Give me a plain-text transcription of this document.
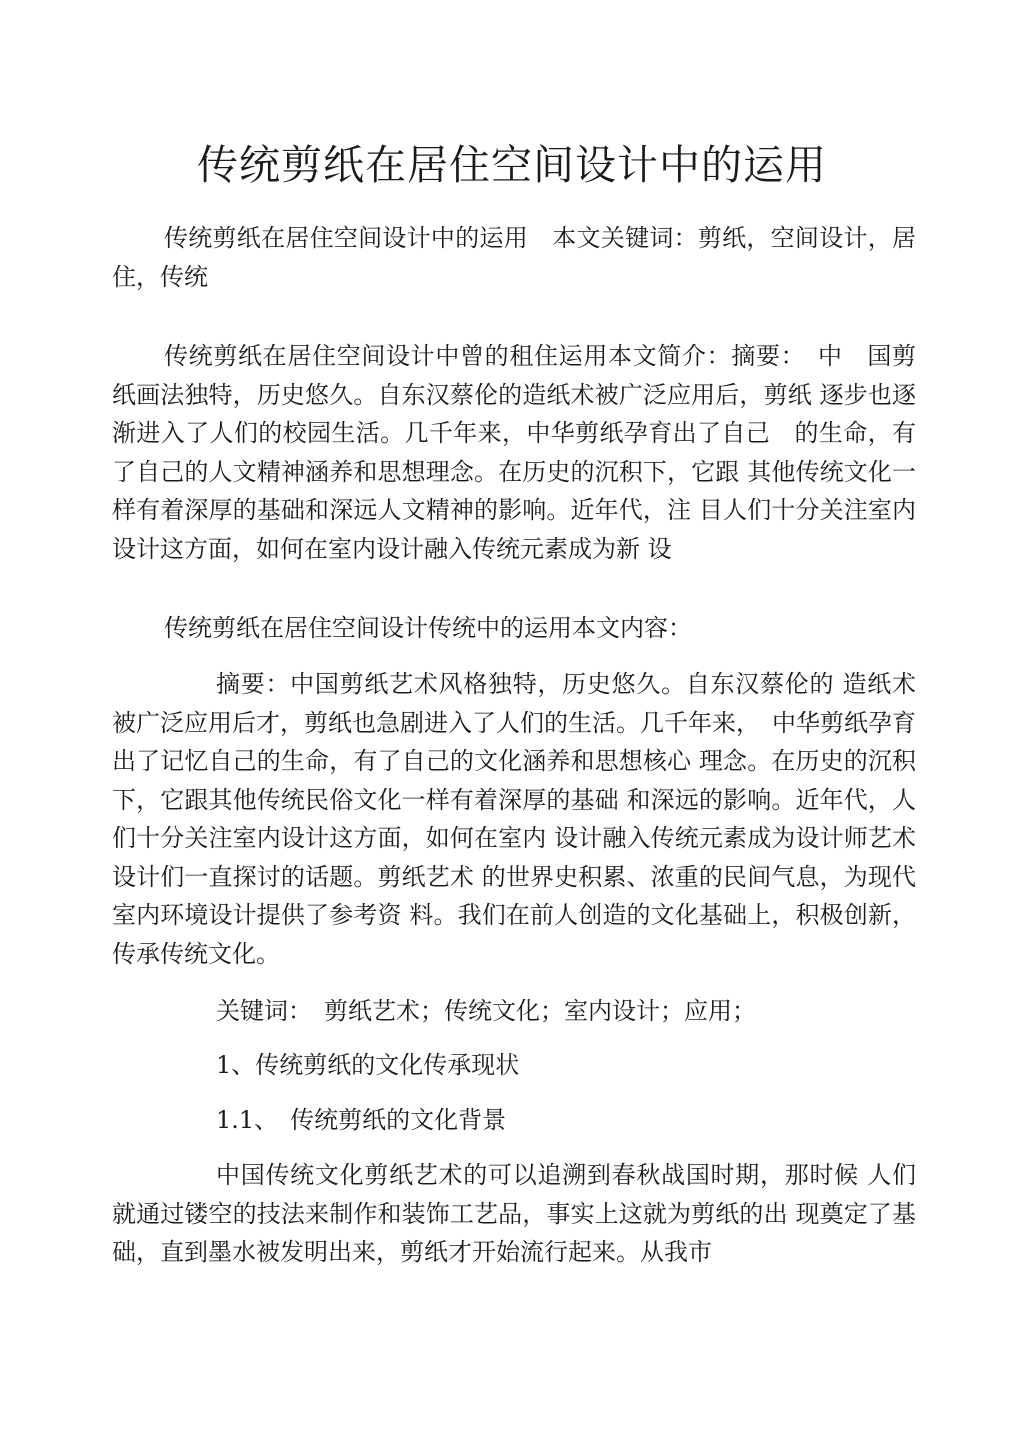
传统剪纸在居住空间设计中的运用

传统剪纸在居住空间设计中的运用　本文关键词：剪纸，空间设计，居住，传统

传统剪纸在居住空间设计中曾的租住运用本文简介：摘要：　中　国剪纸画法独特，历史悠久。自东汉蔡伦的造纸术被广泛应用后，剪纸 逐步也逐渐进入了人们的校园生活。几千年来，中华剪纸孕育出了自己　的生命，有了自己的人文精神涵养和思想理念。在历史的沉积下，它跟 其他传统文化一样有着深厚的基础和深远人文精神的影响。近年代，注 目人们十分关注室内设计这方面，如何在室内设计融入传统元素成为新 设

传统剪纸在居住空间设计传统中的运用本文内容：

摘要：中国剪纸艺术风格独特，历史悠久。自东汉蔡伦的 造纸术被广泛应用后才，剪纸也急剧进入了人们的生活。几千年来，　中华剪纸孕育出了记忆自己的生命，有了自己的文化涵养和思想核心 理念。在历史的沉积下，它跟其他传统民俗文化一样有着深厚的基础 和深远的影响。近年代，人们十分关注室内设计这方面，如何在室内 设计融入传统元素成为设计师艺术设计们一直探讨的话题。剪纸艺术 的世界史积累、浓重的民间气息，为现代室内环境设计提供了参考资 料。我们在前人创造的文化基础上，积极创新，传承传统文化。

关键词：　剪纸艺术；传统文化；室内设计；应用；

1、传统剪纸的文化传承现状

1.1、　传统剪纸的文化背景

中国传统文化剪纸艺术的可以追溯到春秋战国时期，那时候 人们就通过镂空的技法来制作和装饰工艺品，事实上这就为剪纸的出 现奠定了基础，直到墨水被发明出来，剪纸才开始流行起来。从我市
